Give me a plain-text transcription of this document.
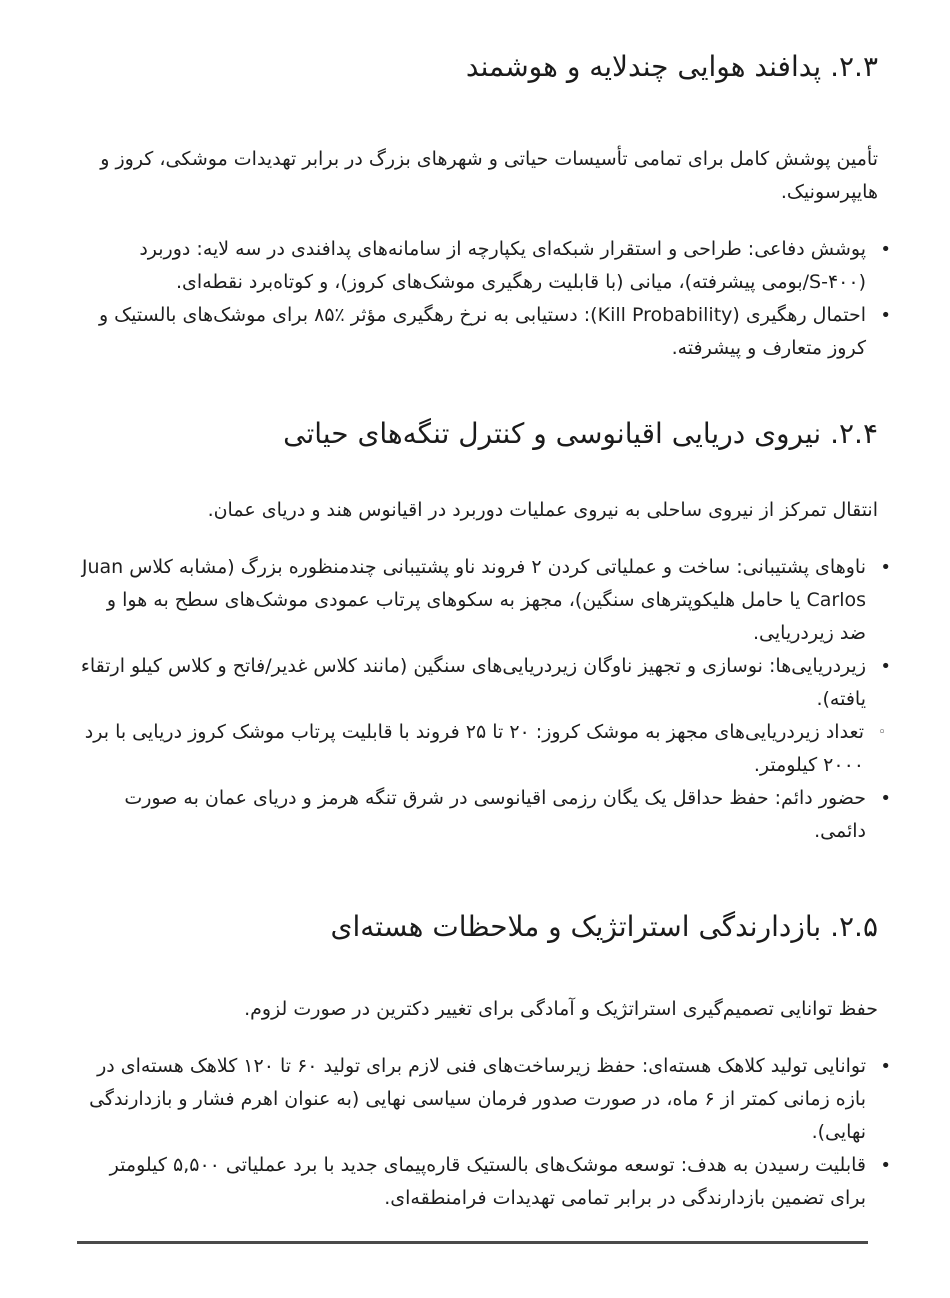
۲.۳. پدافند هوایی چندلایه و هوشمند

تأمین پوشش کامل برای تمامی تأسیسات حیاتی و شهرهای بزرگ در برابر تهدیدات موشکی، کروز و هایپرسونیک.

•
پوشش دفاعی: طراحی و استقرار شبکه‌ای یکپارچه از سامانه‌های پدافندی در سه لایه: دوربرد (S-۴۰۰/بومی پیشرفته)، میانی (با قابلیت رهگیری موشک‌های کروز)، و کوتاه‌برد نقطه‌ای.
•
احتمال رهگیری (Kill Probability): دستیابی به نرخ رهگیری مؤثر ٪۸۵ برای موشک‌های بالستیک و کروز متعارف و پیشرفته.
۲.۴. نیروی دریایی اقیانوسی و کنترل تنگه‌های حیاتی

انتقال تمرکز از نیروی ساحلی به نیروی عملیات دوربرد در اقیانوس هند و دریای عمان.

•
ناوهای پشتیبانی: ساخت و عملیاتی کردن ۲ فروند ناو پشتیبانی چندمنظوره بزرگ (مشابه کلاس Juan Carlos یا حامل هلیکوپترهای سنگین)، مجهز به سکوهای پرتاب عمودی موشک‌های سطح به هوا و ضد زیردریایی.
•
زیردریایی‌ها: نوسازی و تجهیز ناوگان زیردریایی‌های سنگین (مانند کلاس غدیر/فاتح و کلاس کیلو ارتقاء یافته).
◦
تعداد زیردریایی‌های مجهز به موشک کروز: ۲۰ تا ۲۵ فروند با قابلیت پرتاب موشک کروز دریایی با برد ۲۰۰۰ کیلومتر.
•
حضور دائم: حفظ حداقل یک یگان رزمی اقیانوسی در شرق تنگه هرمز و دریای عمان به صورت دائمی.
۲.۵. بازدارندگی استراتژیک و ملاحظات هسته‌ای

حفظ توانایی تصمیم‌گیری استراتژیک و آمادگی برای تغییر دکترین در صورت لزوم.

•
توانایی تولید کلاهک هسته‌ای: حفظ زیرساخت‌های فنی لازم برای تولید ۶۰ تا ۱۲۰ کلاهک هسته‌ای در بازه زمانی کمتر از ۶ ماه، در صورت صدور فرمان سیاسی نهایی (به عنوان اهرم فشار و بازدارندگی نهایی).
•
قابلیت رسیدن به هدف: توسعه موشک‌های بالستیک قاره‌پیمای جدید با برد عملیاتی ۵,۵۰۰ کیلومتر برای تضمین بازدارندگی در برابر تمامی تهدیدات فرامنطقه‌ای.
